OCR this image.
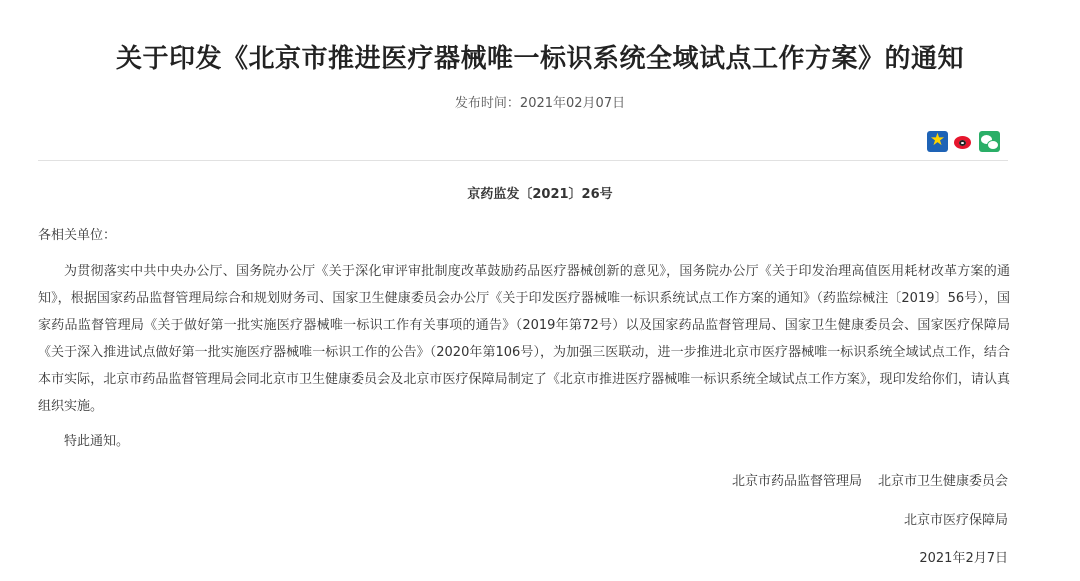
关于印发《北京市推进医疗器械唯一标识系统全域试点工作方案》的通知
发布时间：2021年02月07日
★
京药监发〔2021〕26号
各相关单位：
为贯彻落实中共中央办公厅、国务院办公厅《关于深化审评审批制度改革鼓励药品医疗器械创新的意见》，国务院办公厅《关于印发治理高值医用耗材改革方案的通知》，根据国家药品监督管理局综合和规划财务司、国家卫生健康委员会办公厅《关于印发医疗器械唯一标识系统试点工作方案的通知》（药监综械注〔2019〕56号），国家药品监督管理局《关于做好第一批实施医疗器械唯一标识工作有关事项的通告》（2019年第72号）以及国家药品监督管理局、国家卫生健康委员会、国家医疗保障局《关于深入推进试点做好第一批实施医疗器械唯一标识工作的公告》（2020年第106号），为加强三医联动，进一步推进北京市医疗器械唯一标识系统全域试点工作，结合本市实际，北京市药品监督管理局会同北京市卫生健康委员会及北京市医疗保障局制定了《北京市推进医疗器械唯一标识系统全域试点工作方案》，现印发给你们，请认真组织实施。
特此通知。
北京市药品监督管理局 北京市卫生健康委员会
北京市医疗保障局
2021年2月7日
